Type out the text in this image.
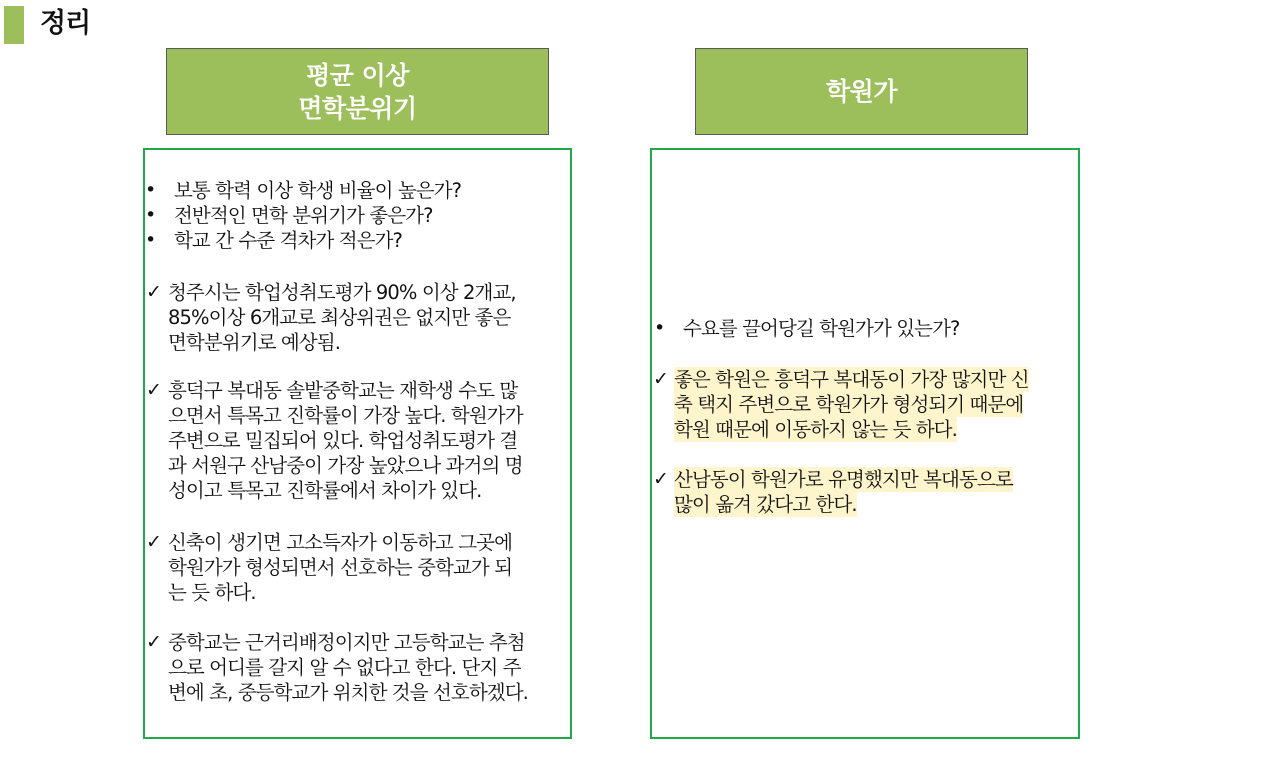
정리
평균 이상
면학분위기
학원가
• 보통 학력 이상 학생 비율이 높은가?
• 전반적인 면학 분위기가 좋은가?
• 학교 간 수준 격차가 적은가?
✓ 청주시는 학업성취도평가 90% 이상 2개교,
85%이상 6개교로 최상위권은 없지만 좋은
면학분위기로 예상됨.
✓ 흥덕구 복대동 솔밭중학교는 재학생 수도 많
으면서 특목고 진학률이 가장 높다. 학원가가
주변으로 밀집되어 있다. 학업성취도평가 결
과 서원구 산남중이 가장 높았으나 과거의 명
성이고 특목고 진학률에서 차이가 있다.
✓ 신축이 생기면 고소득자가 이동하고 그곳에
학원가가 형성되면서 선호하는 중학교가 되
는 듯 하다.
✓ 중학교는 근거리배정이지만 고등학교는 추첨
으로 어디를 갈지 알 수 없다고 한다. 단지 주
변에 초, 중등학교가 위치한 것을 선호하겠다.
• 수요를 끌어당길 학원가가 있는가?
✓ 좋은 학원은 흥덕구 복대동이 가장 많지만 신
축 택지 주변으로 학원가가 형성되기 때문에
학원 때문에 이동하지 않는 듯 하다.
✓ 산남동이 학원가로 유명했지만 복대동으로
많이 옮겨 갔다고 한다.
